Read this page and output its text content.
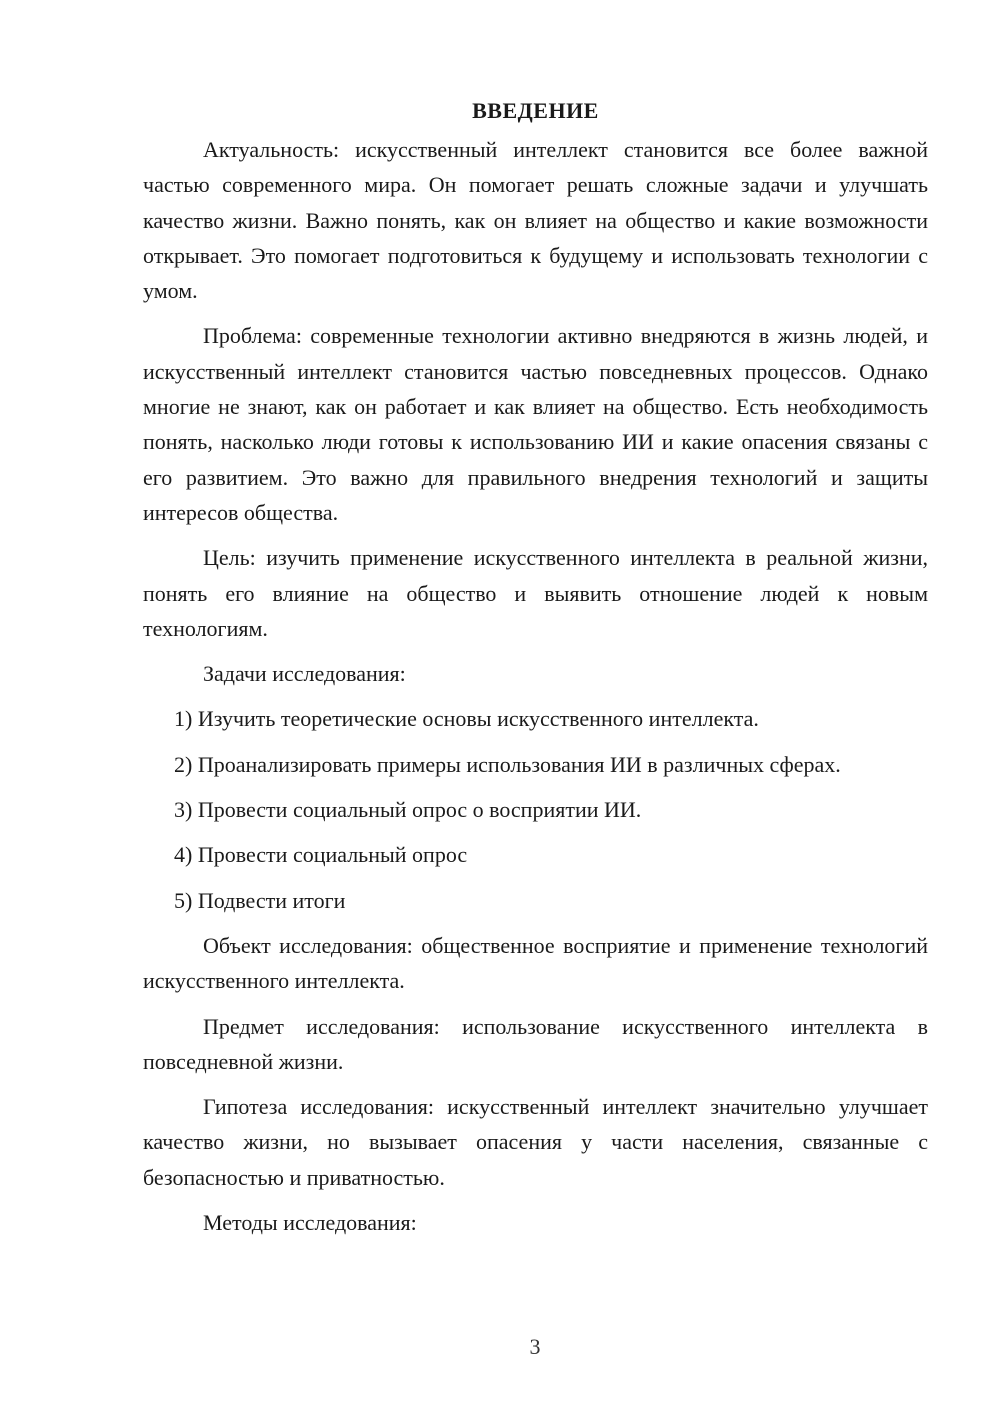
ВВЕДЕНИЕ

Актуальность: искусственный интеллект становится все более важной частью современного мира. Он помогает решать сложные задачи и улучшать качество жизни. Важно понять, как он влияет на общество и какие возможности открывает. Это помогает подготовиться к будущему и использовать технологии с умом.

Проблема: современные технологии активно внедряются в жизнь людей, и искусственный интеллект становится частью повседневных процессов. Однако многие не знают, как он работает и как влияет на общество. Есть необходимость понять, насколько люди готовы к использованию ИИ и какие опасения связаны с его развитием. Это важно для правильного внедрения технологий и защиты интересов общества.

Цель: изучить применение искусственного интеллекта в реальной жизни, понять его влияние на общество и выявить отношение людей к новым технологиям.

Задачи исследования:

1) Изучить теоретические основы искусственного интеллекта.

2) Проанализировать примеры использования ИИ в различных сферах.

3) Провести социальный опрос о восприятии ИИ.

4) Провести социальный опрос

5) Подвести итоги

Объект исследования: общественное восприятие и применение технологий искусственного интеллекта.

Предмет исследования: использование искусственного интеллекта в повседневной жизни.

Гипотеза исследования: искусственный интеллект значительно улучшает качество жизни, но вызывает опасения у части населения, связанные с безопасностью и приватностью.

Методы исследования:

3
